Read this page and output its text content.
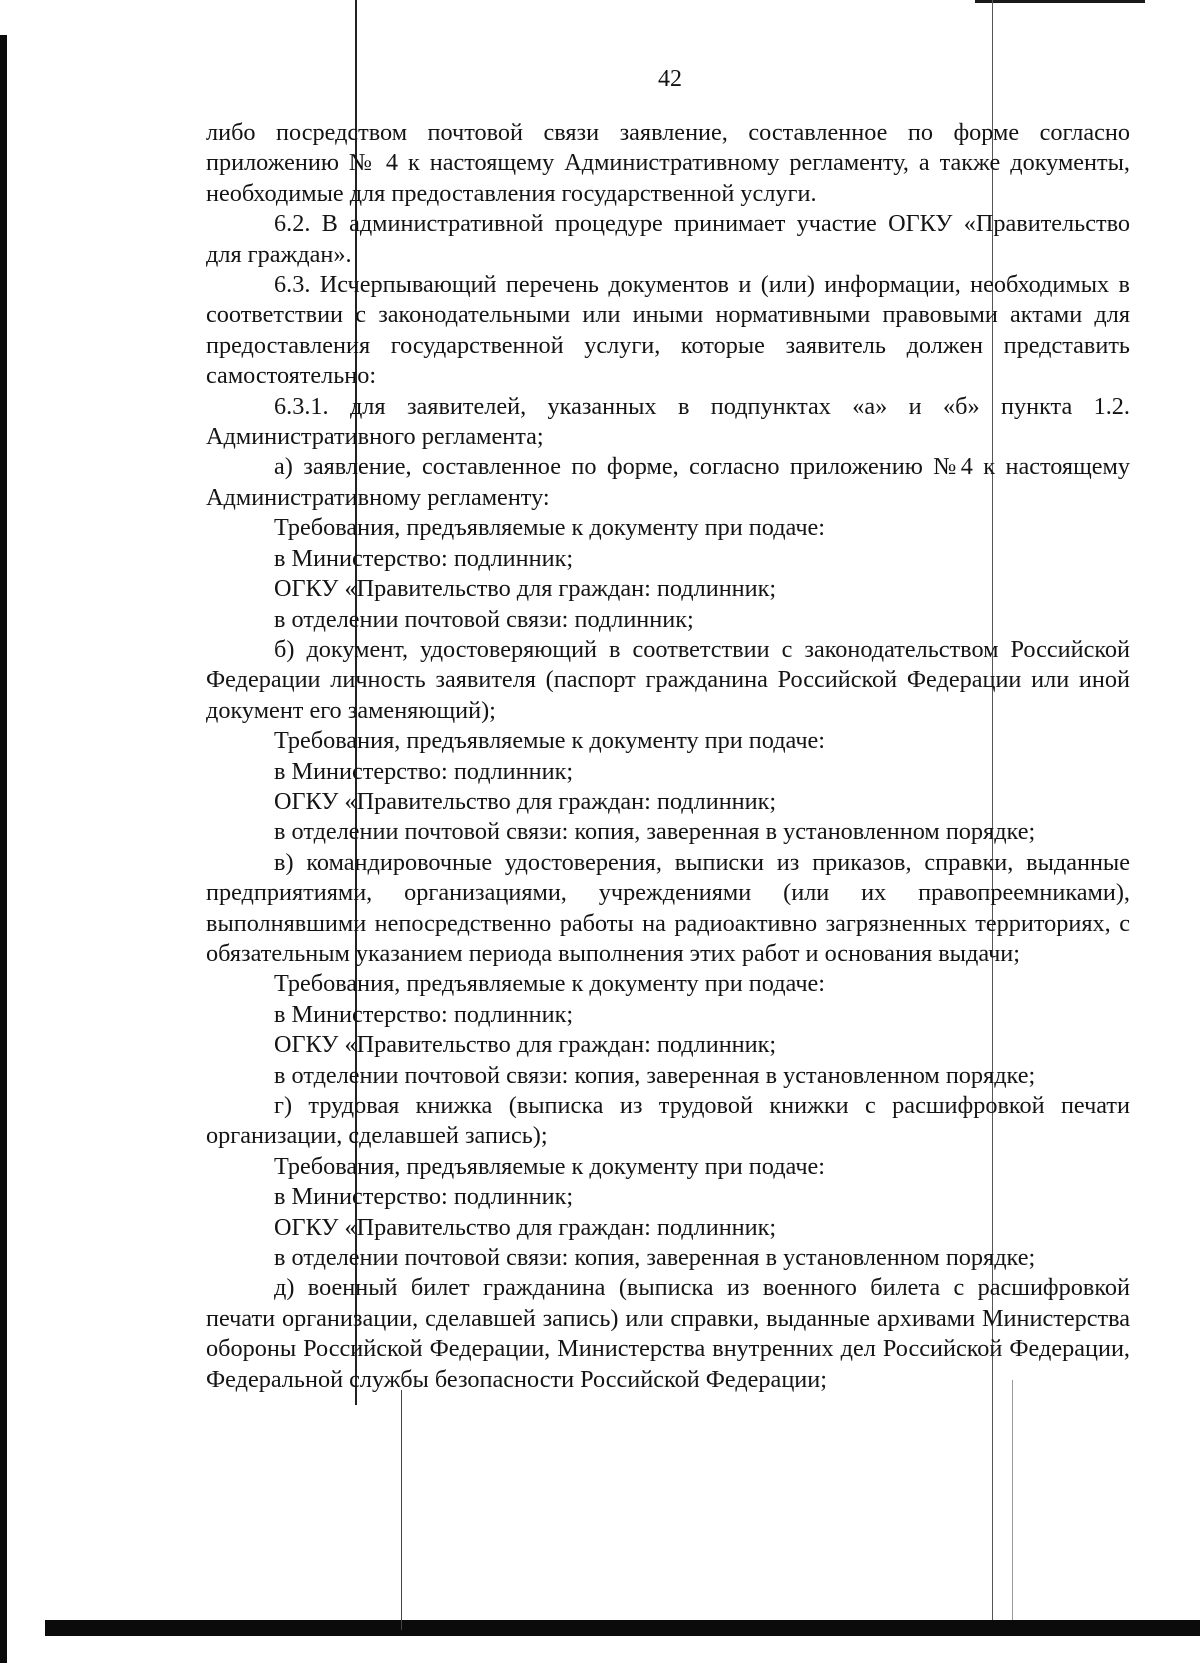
42

либо посредством почтовой связи заявление, составленное по форме согласно приложению № 4 к настоящему Административному регламенту, а также документы, необходимые для предоставления государственной услуги.

6.2. В административной процедуре принимает участие ОГКУ «Правительство для граждан».

6.3. Исчерпывающий перечень документов и (или) информации, необходимых в соответствии с законодательными или иными нормативными правовыми актами для предоставления государственной услуги, которые заявитель должен представить самостоятельно:

6.3.1. для заявителей, указанных в подпунктах «а» и «б» пункта 1.2. Административного регламента;

а) заявление, составленное по форме, согласно приложению №4 к настоящему Административному регламенту:

Требования, предъявляемые к документу при подаче:

в Министерство: подлинник;

ОГКУ «Правительство для граждан: подлинник;

в отделении почтовой связи: подлинник;

б) документ, удостоверяющий в соответствии с законодательством Российской Федерации личность заявителя (паспорт гражданина Российской Федерации или иной документ его заменяющий);

Требования, предъявляемые к документу при подаче:

в Министерство: подлинник;

ОГКУ «Правительство для граждан: подлинник;

в отделении почтовой связи: копия, заверенная в установленном порядке;

в) командировочные удостоверения, выписки из приказов, справки, выданные предприятиями, организациями, учреждениями (или их правопреемниками), выполнявшими непосредственно работы на радиоактивно загрязненных территориях, с обязательным указанием периода выполнения этих работ и основания выдачи;

Требования, предъявляемые к документу при подаче:

в Министерство: подлинник;

ОГКУ «Правительство для граждан: подлинник;

в отделении почтовой связи: копия, заверенная в установленном порядке;

г) трудовая книжка (выписка из трудовой книжки с расшифровкой печати организации, сделавшей запись);

Требования, предъявляемые к документу при подаче:

в Министерство: подлинник;

ОГКУ «Правительство для граждан: подлинник;

в отделении почтовой связи: копия, заверенная в установленном порядке;

д) военный билет гражданина (выписка из военного билета с расшифровкой печати организации, сделавшей запись) или справки, выданные архивами Министерства обороны Российской Федерации, Министерства внутренних дел Российской Федерации, Федеральной службы безопасности Российской Федерации;
